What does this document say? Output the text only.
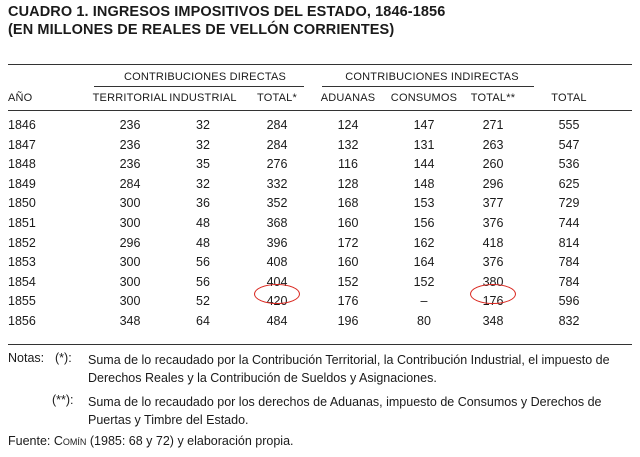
CUADRO 1. INGRESOS IMPOSITIVOS DEL ESTADO, 1846-1856
(EN MILLONES DE REALES DE VELLÓN CORRIENTES)
CONTRIBUCIONES DIRECTAS	CONTRIBUCIONES INDIRECTAS
AÑO	TERRITORIAL INDUSTRIAL TOTAL* ADUANAS CONSUMOS TOTAL**	TOTAL
1846	236	32	284	124	147	271	555
1847	236	32	284	132	131	263	547
1848	236	35	276	116	144	260	536
1849	284	32	332	128	148	296	625
1850	300	36	352	168	153	377	729
1851	300	48	368	160	156	376	744
1852	296	48	396	172	162	418	814
1853	300	56	408	160	164	376	784
1854	300	56	404	152	152	380	784
1855	300	52	420	176	–	176	596
1856	348	64	484	196	80	348	832
Notas: (*): Suma de lo recaudado por la Contribución Territorial, la Contribución Industrial, el impuesto de Derechos Reales y la Contribución de Sueldos y Asignaciones.
(**): Suma de lo recaudado por los derechos de Aduanas, impuesto de Consumos y Derechos de Puertas y Timbre del Estado.
Fuente: Comín (1985: 68 y 72) y elaboración propia.
